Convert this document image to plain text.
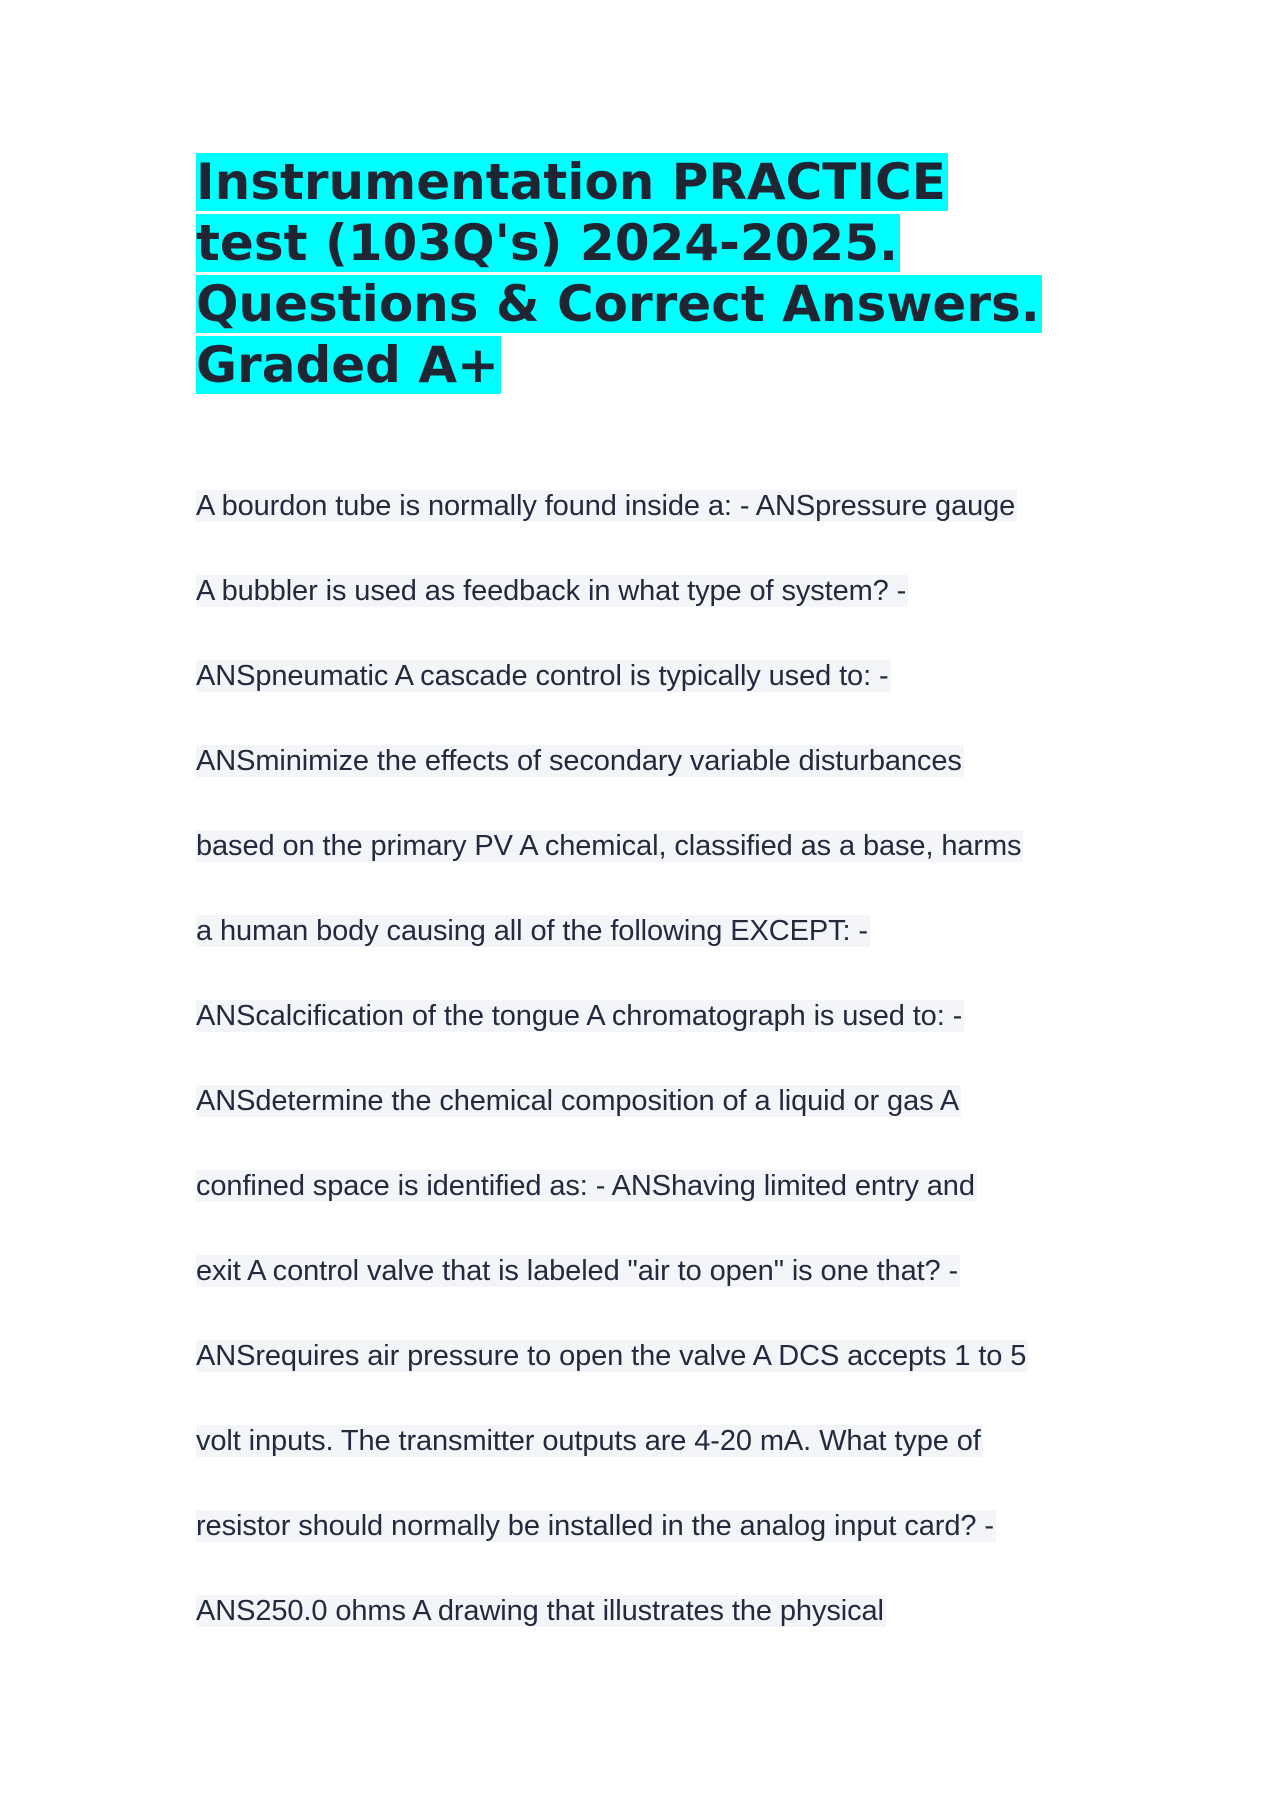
Instrumentation PRACTICE
test (103Q's) 2024-2025.
Questions & Correct Answers.
Graded A+
A bourdon tube is normally found inside a: - ANSpressure gauge
A bubbler is used as feedback in what type of system? -
ANSpneumatic A cascade control is typically used to: -
ANSminimize the effects of secondary variable disturbances
based on the primary PV A chemical, classified as a base, harms
a human body causing all of the following EXCEPT: -
ANScalcification of the tongue A chromatograph is used to: -
ANSdetermine the chemical composition of a liquid or gas A
confined space is identified as: - ANShaving limited entry and
exit A control valve that is labeled "air to open" is one that? -
ANSrequires air pressure to open the valve A DCS accepts 1 to 5
volt inputs. The transmitter outputs are 4-20 mA. What type of
resistor should normally be installed in the analog input card? -
ANS250.0 ohms A drawing that illustrates the physical
